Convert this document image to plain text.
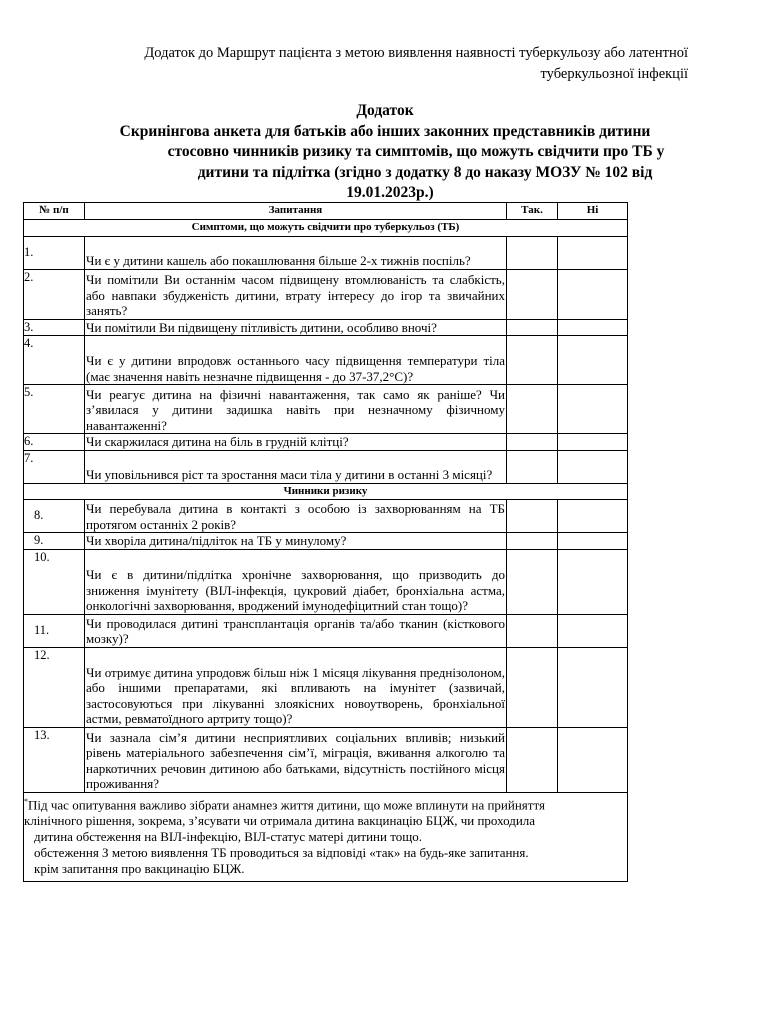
Додаток до Маршрут пацієнта з метою виявлення наявності туберкульозу або латентної
туберкульозної інфекції
Додаток
Скринінгова анкета для батьків або інших законних представників дитини
стосовно чинників ризику та симптомів, що можуть свідчити про ТБ у
дитини та підлітка (згідно з додатку 8 до наказу МОЗУ № 102 від
19.01.2023р.)
№ п/п	Запитання	Так.	Ні
Симптоми, що можуть свідчити про туберкульоз (ТБ)			
1.	Чи є у дитини кашель або покашлювання більше 2-х тижнів поспіль?		
2.	Чи помітили Ви останнім часом підвищену втомлюваність та слабкість, або навпаки збудженість дитини, втрату інтересу до ігор та звичайних занять?		
3.	Чи помітили Ви підвищену пітливість дитини, особливо вночі?		
4.	Чи є у дитини впродовж останнього часу підвищення температури тіла (має значення навіть незначне підвищення - до 37-37,2°С)?		
5.	Чи реагує дитина на фізичні навантаження, так само як раніше? Чи з’явилася у дитини задишка навіть при незначному фізичному навантаженні?		
6.	Чи скаржилася дитина на біль в грудній клітці?		
7.	Чи уповільнився ріст та зростання маси тіла у дитини в останні 3 місяці?		
Чинники ризику			
8.	Чи перебувала дитина в контакті з особою із захворюванням на ТБ протягом останніх 2 років?		
9.	Чи хворіла дитина/підліток на ТБ у минулому?		
10.	Чи є в дитини/підлітка хронічне захворювання, що призводить до зниження імунітету (ВІЛ-інфекція, цукровий діабет, бронхіальна астма, онкологічні захворювання, вроджений імунодефіцитний стан тощо)?		
11.	Чи проводилася дитині трансплантація органів та/або тканин (кісткового мозку)?		
12.	Чи отримує дитина упродовж більш ніж 1 місяця лікування преднізолоном, або іншими препаратами, які впливають на імунітет (зазвичай, застосовуються при лікуванні злоякісних новоутворень, бронхіальної астми, ревматоїдного артриту тощо)?		
13.	Чи зазнала сім’я дитини несприятливих соціальних впливів; низький рівень матеріального забезпечення сім’ї, міграція, вживання алкоголю та наркотичних речовин дитиною або батьками, відсутність постійного місця проживання?		

*Під час опитування важливо зібрати анамнез життя дитини, що може вплинути на прийняття
клінічного рішення, зокрема, з’ясувати чи отримала дитина вакцинацію БЦЖ, чи проходила
дитина обстеження на ВІЛ-інфекцію, ВІЛ-статус матері дитини тощо.
обстеження З метою виявлення ТБ проводиться за відповіді «так» на будь-яке запитання.
крім запитання про вакцинацію БЦЖ.			
